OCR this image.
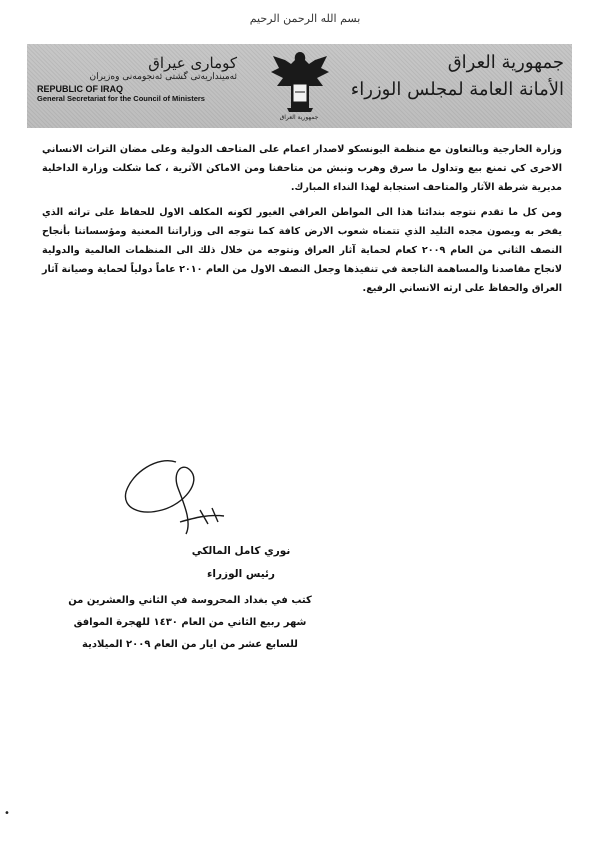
بسم الله الرحمن الرحيم
كومارى عيراق
ئەمینداریەتی گشتی ئەنجومەنی وەزیران
REPUBLIC OF IRAQ
General Secretariat for the Council of Ministers
جمهورية العراق
جمهورية العراق
الأمانة العامة لمجلس الوزراء

وزارة الخارجية وبالتعاون مع منظمة اليونسكو لاصدار اعمام على المتاحف الدولية وعلى مضان التراث الانساني الاخرى كي تمنع بيع وتداول ما سرق وهرب ونبش من متاحفنا ومن الاماكن الآثرية ، كما شكلت وزارة الداخلية مديرية شرطة الآثار والمتاحف استجابة لهذا النداء المبارك.

ومن كل ما تقدم نتوجه بندائنا هذا الى المواطن العراقي الغيور لكونه المكلف الاول للحفاظ على تراثه الذي يفخر به ويصون مجده التليد الذي تتمناه شعوب الارض كافة كما نتوجه الى وزاراتنا المعنية ومؤسساتنا بأنجاح النصف الثاني من العام ٢٠٠٩ كعام لحماية آثار العراق ونتوجه من خلال ذلك الى المنظمات العالمية والدولية لانجاح مقاصدنا والمساهمة الناجعة في تنفيذها وجعل النصف الاول من العام ٢٠١٠ عاماً دولياً لحماية وصيانة آثار العراق والحفاظ على ارثه الانساني الرفيع.

نوري كامل المالكي
رئيس الوزراء
كتب في بغداد المحروسة في الثاني والعشرين من
شهر ربيع الثاني من العام ١٤٣٠ للهجرة الموافق
للسابع عشر من ايار من العام ٢٠٠٩ الميلادية
•
